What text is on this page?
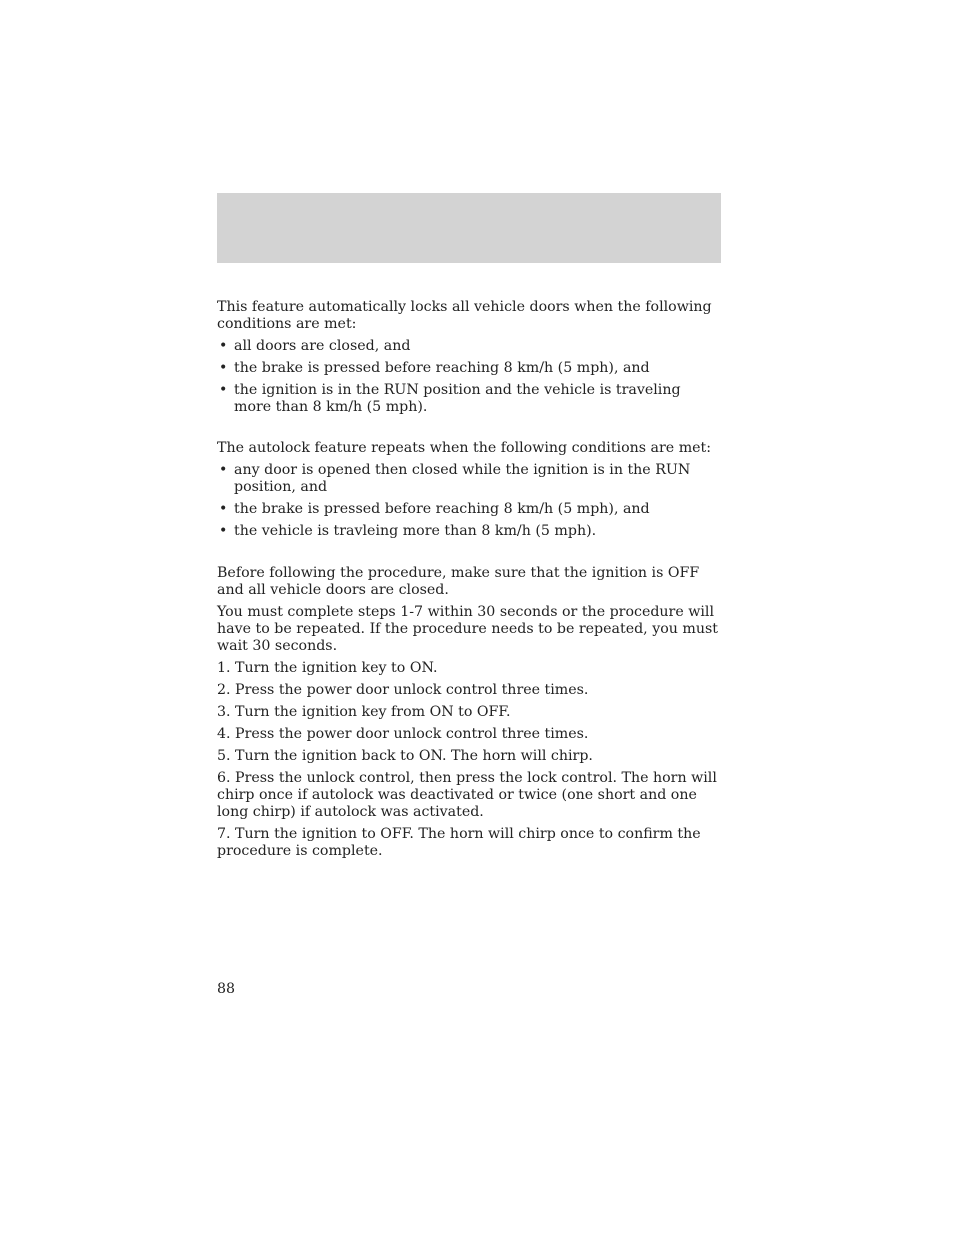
This feature automatically locks all vehicle doors when the following conditions are met:

• all doors are closed, and
• the brake is pressed before reaching 8 km/h (5 mph), and
• the ignition is in the RUN position and the vehicle is traveling more than 8 km/h (5 mph).

The autolock feature repeats when the following conditions are met:

• any door is opened then closed while the ignition is in the RUN position, and
• the brake is pressed before reaching 8 km/h (5 mph), and
• the vehicle is travleing more than 8 km/h (5 mph).

Before following the procedure, make sure that the ignition is OFF and all vehicle doors are closed.

You must complete steps 1-7 within 30 seconds or the procedure will have to be repeated. If the procedure needs to be repeated, you must wait 30 seconds.

1. Turn the ignition key to ON.

2. Press the power door unlock control three times.

3. Turn the ignition key from ON to OFF.

4. Press the power door unlock control three times.

5. Turn the ignition back to ON. The horn will chirp.

6. Press the unlock control, then press the lock control. The horn will chirp once if autolock was deactivated or twice (one short and one long chirp) if autolock was activated.

7. Turn the ignition to OFF. The horn will chirp once to confirm the procedure is complete.

88
